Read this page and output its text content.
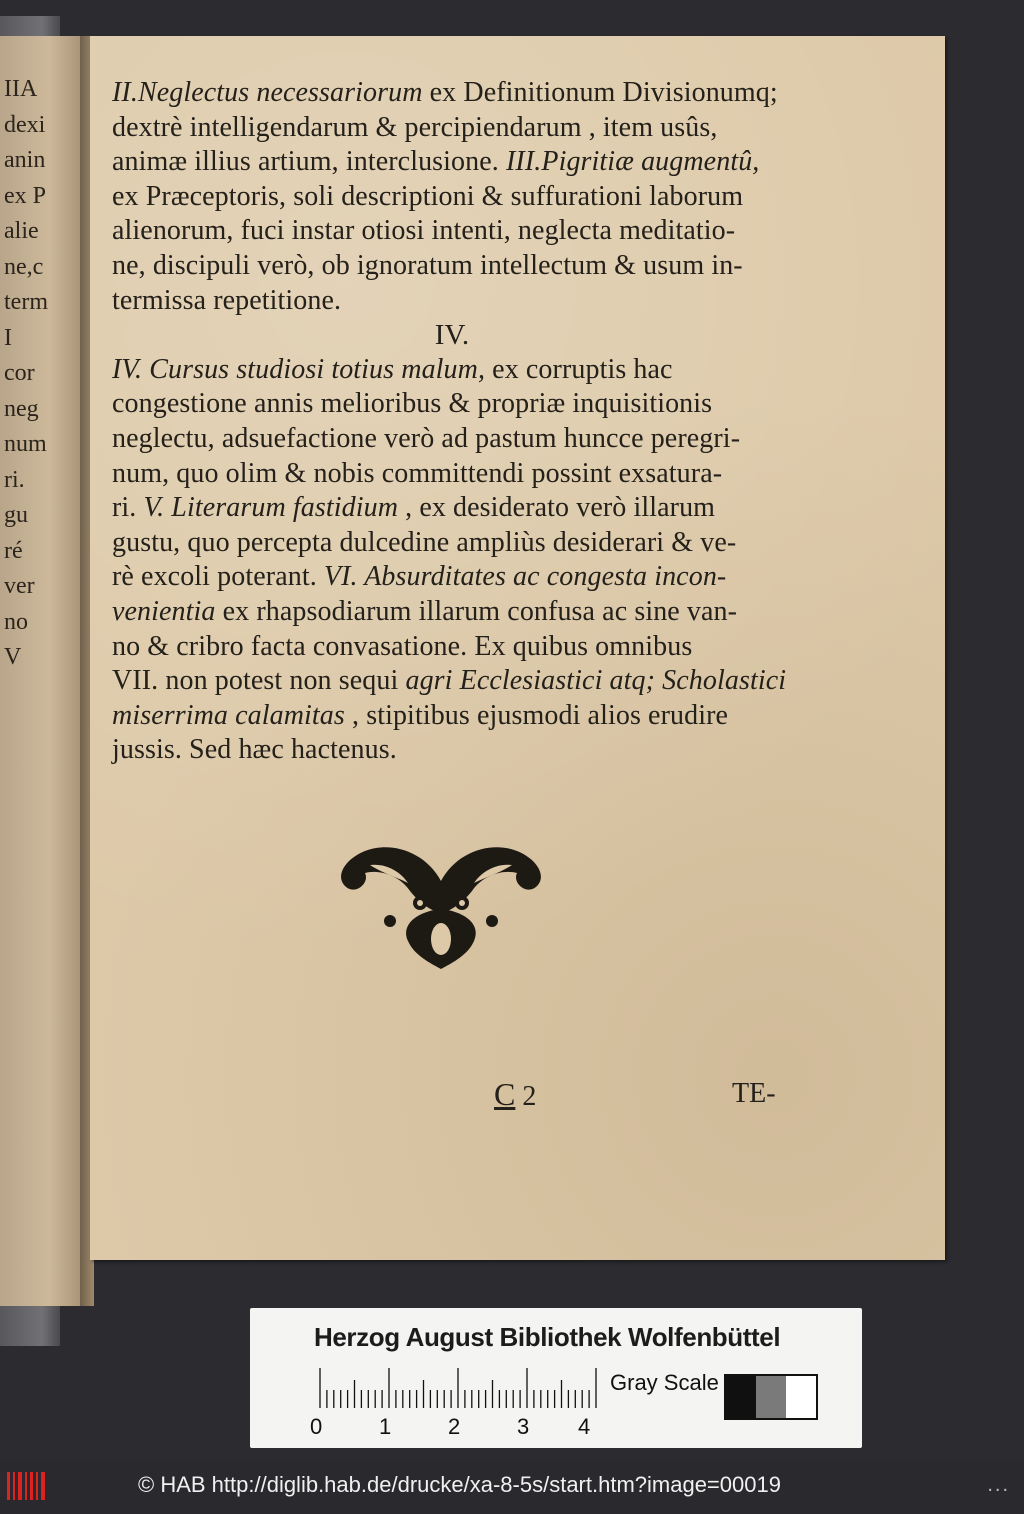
IIA
dexi
anin
ex P
alie
ne,c
term
I
cor
neg
num
ri.
gu
ré
ver
no
V
II.Neglectus necessariorum ex Definitionum Divisionumq;
dextrè intelligendarum & percipiendarum , item usûs,
animæ illius artium, interclusione. III.Pigritiæ augmentû,
ex Præceptoris, soli descriptioni & suffurationi laborum
alienorum, fuci instar otiosi intenti, neglecta meditatio-
ne, discipuli verò, ob ignoratum intellectum & usum in-
termissa repetitione.
IV.
IV. Cursus studiosi totius malum, ex corruptis hac
congestione annis melioribus & propriæ inquisitionis
neglectu, adsuefactione verò ad pastum huncce peregri-
num, quo olim & nobis committendi possint exsatura-
ri. V. Literarum fastidium , ex desiderato verò illarum
gustu, quo percepta dulcedine ampliùs desiderari & ve-
rè excoli poterant. VI. Absurditates ac congesta incon-
venientia ex rhapsodiarum illarum confusa ac sine van-
no & cribro facta convasatione. Ex quibus omnibus
VII. non potest non sequi agri Ecclesiastici atq; Scholastici
miserrima calamitas , stipitibus ejusmodi alios erudire
jussis. Sed hæc hactenus.
C 2	TE-
Herzog August Bibliothek Wolfenbüttel
0	1	2	3 4
Gray Scale
© HAB http://diglib.hab.de/drucke/xa-8-5s/start.htm?image=00019	...
